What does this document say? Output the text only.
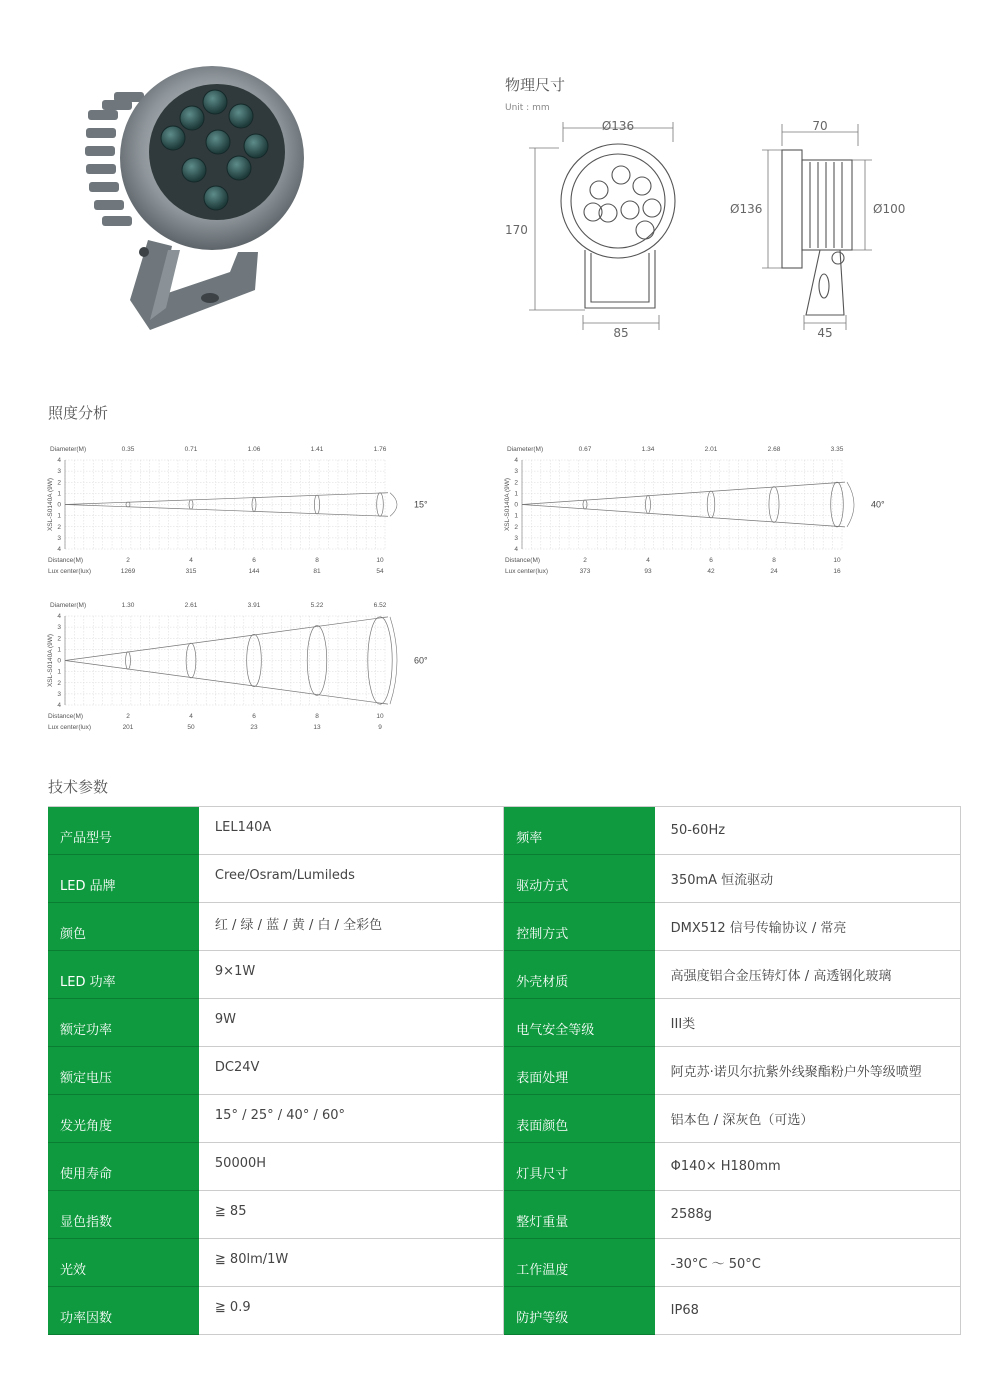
物理尺寸
Unit : mm
Ø136
170
85
70
Ø136	Ø100
45
照度分析
4
3
2
1
0
1
2
3
4
Diameter(M)
Distance(M)
Lux center(lux)
XSL-S0140A (9W)
0.35
2
1269
0.71
4
315
1.06
6
144
1.41
8
81
1.76
10
54
15°
4
3
2
1
0
1
2
3
4
Diameter(M)
Distance(M)
Lux center(lux)
XSL-S0140A (9W)
0.67
2
373
1.34
4
93
2.01
6
42
2.68
8
24
3.35
10
16
40°
4
3
2
1
0
1
2
3
4
Diameter(M)
Distance(M)
Lux center(lux)
XSL-S0140A (9W)
1.30
2
201
2.61
4
50
3.91
6
23
5.22
8
13
6.52
10
9
60°
技术参数
产品型号	LEL140A	频率	50-60Hz
LED 品牌	Cree/Osram/Lumileds	驱动方式	350mA 恒流驱动
颜色	红 / 绿 / 蓝 / 黄 / 白 / 全彩色	控制方式	DMX512 信号传输协议 / 常亮
LED 功率	9×1W	外壳材质	高强度铝合金压铸灯体 / 高透钢化玻璃
额定功率	9W	电气安全等级	III类
额定电压	DC24V	表面处理	阿克苏·诺贝尔抗紫外线聚酯粉户外等级喷塑
发光角度	15° / 25° / 40° / 60°	表面颜色	铝本色 / 深灰色（可选）
使用寿命	50000H	灯具尺寸	Φ140× H180mm
显色指数	≧ 85	整灯重量	2588g
光效	≧ 80lm/1W	工作温度	-30°C ～ 50°C
功率因数	≧ 0.9	防护等级	IP68
